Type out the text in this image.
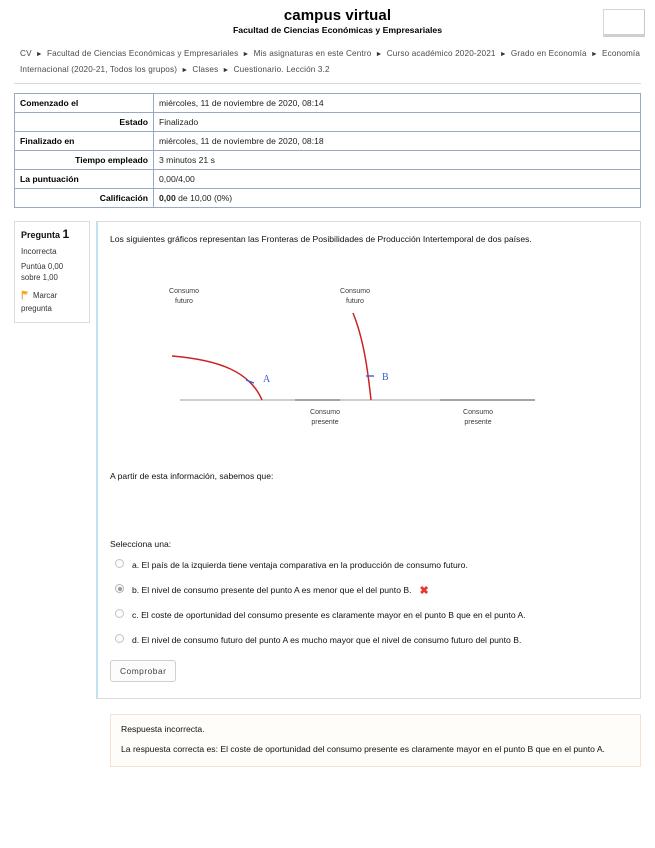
campus virtual
Facultad de Ciencias Económicas y Empresariales
CV ► Facultad de Ciencias Económicas y Empresariales ► Mis asignaturas en este Centro ► Curso académico 2020-2021 ► Grado en Economía ► Economía Internacional (2020-21, Todos los grupos) ► Clases ► Cuestionario. Lección 3.2
Comenzado el	miércoles, 11 de noviembre de 2020, 08:14
Estado	Finalizado
Finalizado en	miércoles, 11 de noviembre de 2020, 08:18
Tiempo empleado	3 minutos 21 s
La puntuación	0,00/4,00
Calificación	0,00 de 10,00 (0%)
Pregunta 1
Incorrecta
Puntúa 0,00 sobre 1,00
Marcar pregunta
Los siguientes gráficos representan las Fronteras de Posibilidades de Producción Intertemporal de dos países.
Consumo
futuro
A
Consumo
presente
Consumo
futuro
B
Consumo
presente
A partir de esta información, sabemos que:
Selecciona una:
a. El país de la izquierda tiene ventaja comparativa en la producción de consumo futuro.
b. El nivel de consumo presente del punto A es menor que el del punto B. ✖
c. El coste de oportunidad del consumo presente es claramente mayor en el punto B que en el punto A.
d. El nivel de consumo futuro del punto A es mucho mayor que el nivel de consumo futuro del punto B.
Comprobar
Respuesta incorrecta.
La respuesta correcta es: El coste de oportunidad del consumo presente es claramente mayor en el punto B que en el punto A.
